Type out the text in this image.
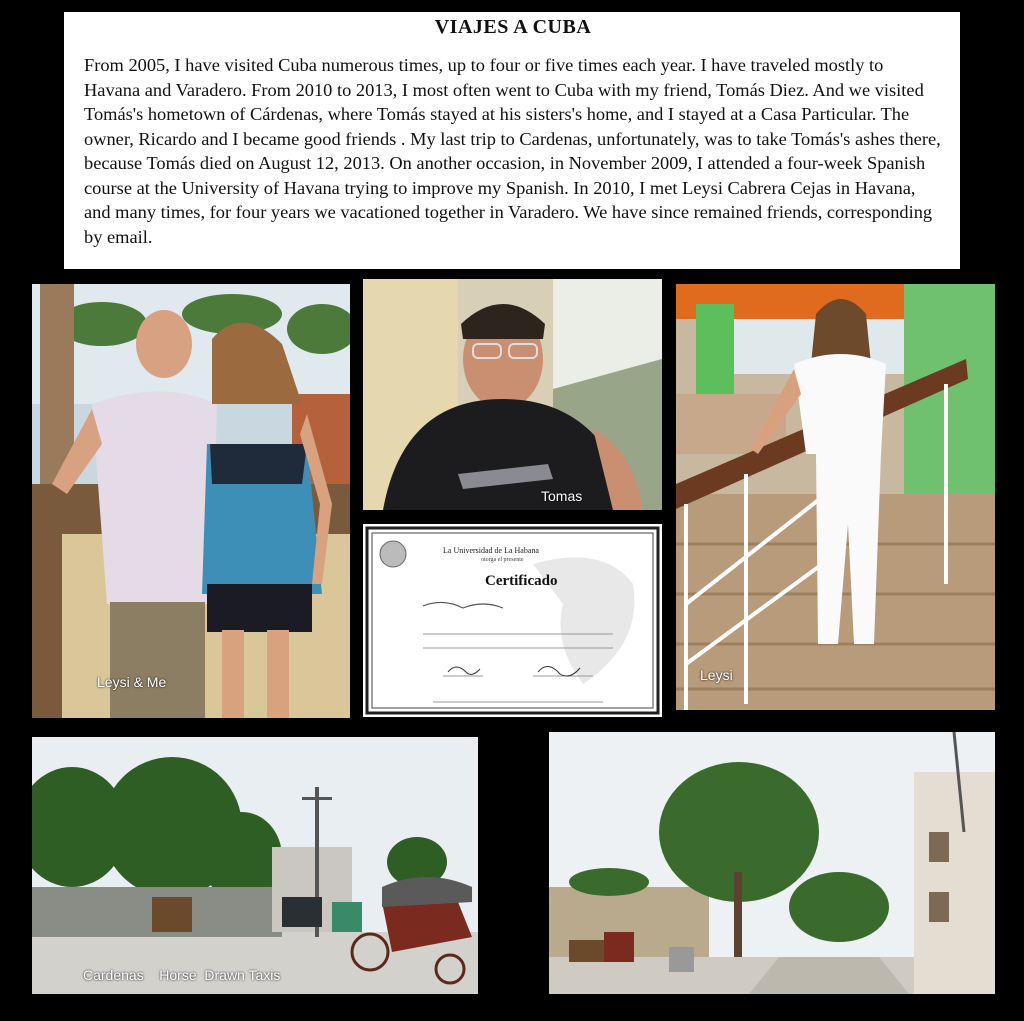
VIAJES A CUBA

From 2005, I have visited Cuba numerous times, up to four or five times each year. I have traveled mostly to Havana and Varadero. From 2010 to 2013, I most often went to Cuba with my friend, Tomás Diez. And we visited Tomás's hometown of Cárdenas, where Tomás stayed at his sisters's home, and I stayed at a Casa Particular. The owner, Ricardo and I became good friends . My last trip to Cardenas, unfortunately, was to take Tomás's ashes there, because Tomás died on August 12, 2013. On another occasion, in November 2009, I attended a four-week Spanish course at the University of Havana trying to improve my Spanish. In 2010, I met Leysi Cabrera Cejas in Havana, and many times, for four years we vacationed together in Varadero. We have since remained friends, corresponding by email.

Leysi & Me
Tomas
La Universidad de La Habana
otorga el presente
Certificado
Leysi
Cardenas    Horse  Drawn Taxis
